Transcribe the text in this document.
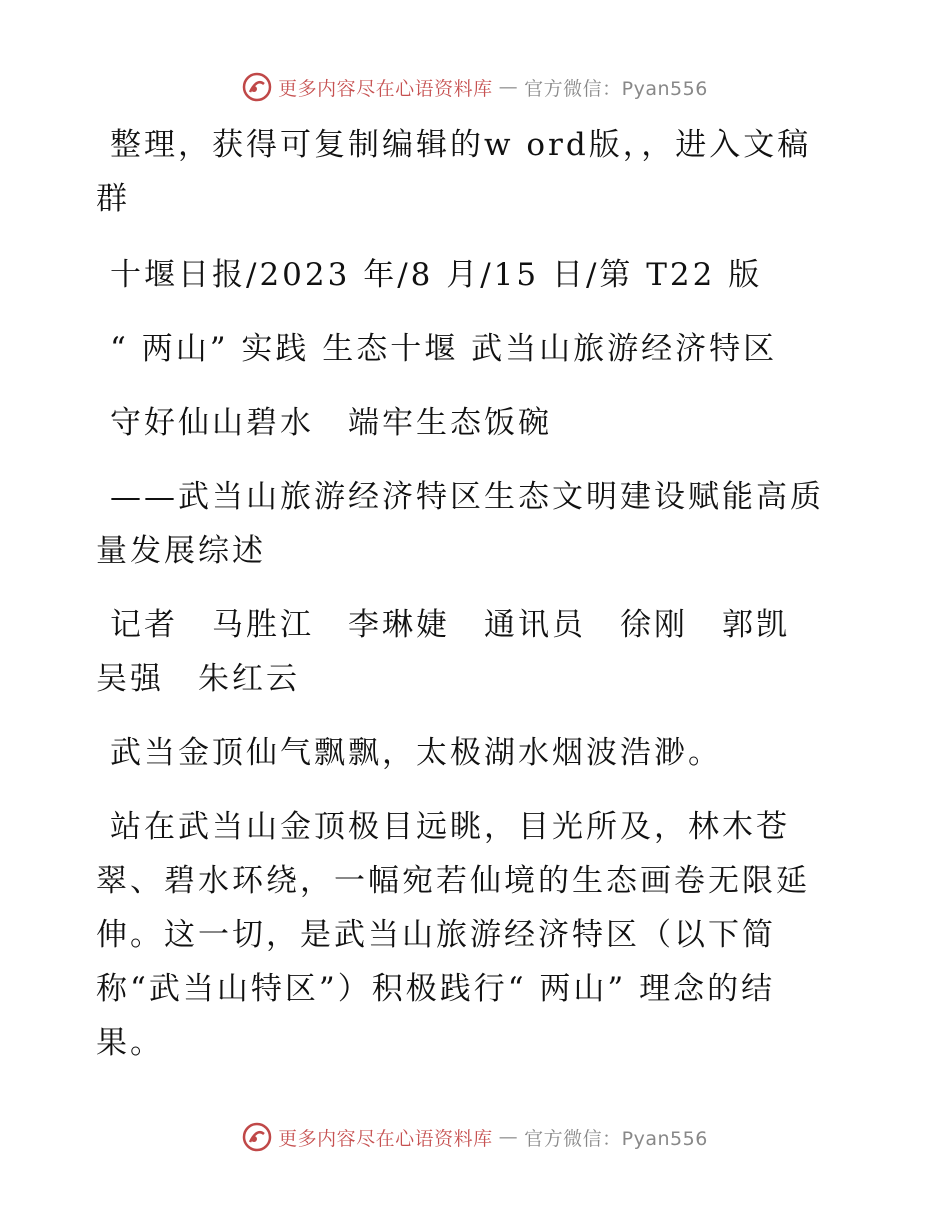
更多内容尽在心语资料库 — 官方微信：Pyan556

整理，获得可复制编辑的w ord版，，进入文稿群

十堰日报/2023 年/8 月/15 日/第 T22 版

“ 两山” 实践 生态十堰 武当山旅游经济特区

守好仙山碧水　端牢生态饭碗

——武当山旅游经济特区生态文明建设赋能高质量发展综述

记者　马胜江　李琳婕　通讯员　徐刚　郭凯　吴强　朱红云

武当金顶仙气飘飘，太极湖水烟波浩渺。

站在武当山金顶极目远眺，目光所及，林木苍翠、碧水环绕，一幅宛若仙境的生态画卷无限延伸。这一切，是武当山旅游经济特区（以下简称“武当山特区”）积极践行“ 两山” 理念的结果。

更多内容尽在心语资料库 — 官方微信：Pyan556
